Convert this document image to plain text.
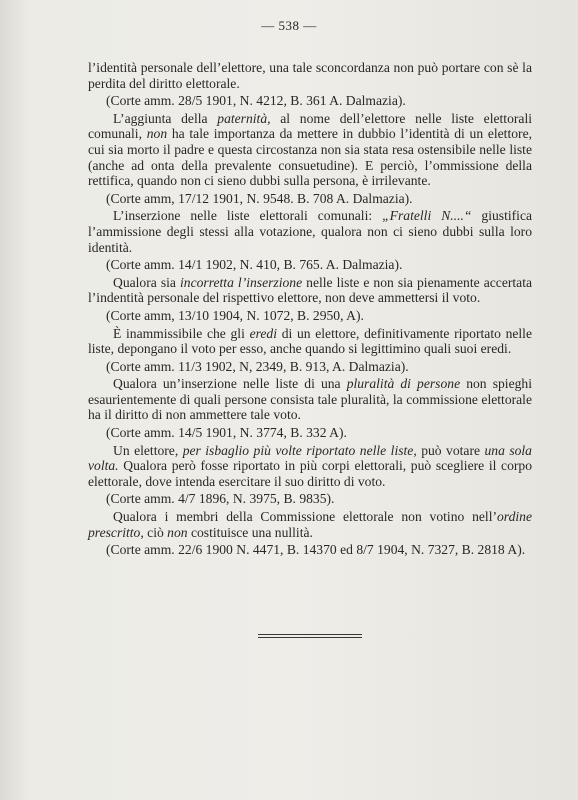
— 538 —

l’identità personale dell’elettore, una tale sconcordanza non può portare con sè la perdita del diritto elettorale.

(Corte amm. 28/5 1901, N. 4212, B. 361 A. Dalmazia).

L’aggiunta della paternità, al nome dell’elettore nelle liste elettorali comunali, non ha tale importanza da mettere in dubbio l’identità di un elettore, cui sia morto il padre e questa circostanza non sia stata resa ostensibile nelle liste (anche ad onta della prevalente consuetudine). E perciò, l’ommissione della rettifica, quando non ci sieno dubbi sulla persona, è irrilevante.

(Corte amm, 17/12 1901, N. 9548. B. 708 A. Dalmazia).

L’inserzione nelle liste elettorali comunali: „Fratelli N....“ giustifica l’ammissione degli stessi alla votazione, qualora non ci sieno dubbi sulla loro identità.

(Corte amm. 14/1 1902, N. 410, B. 765. A. Dalmazia).

Qualora sia incorretta l’inserzione nelle liste e non sia pienamente accertata l’indentità personale del rispettivo elettore, non deve ammettersi il voto.

(Corte amm, 13/10 1904, N. 1072, B. 2950, A).

È inammissibile che gli eredi di un elettore, definitivamente riportato nelle liste, depongano il voto per esso, anche quando si legittimino quali suoi eredi.

(Corte amm. 11/3 1902, N, 2349, B. 913, A. Dalmazia).

Qualora un’inserzione nelle liste di una pluralità di persone non spieghi esaurientemente di quali persone consista tale pluralità, la commissione elettorale ha il diritto di non ammettere tale voto.

(Corte amm. 14/5 1901, N. 3774, B. 332 A).

Un elettore, per isbaglio più volte riportato nelle liste, può votare una sola volta. Qualora però fosse riportato in più corpi elettorali, può scegliere il corpo elettorale, dove intenda esercitare il suo diritto di voto.

(Corte amm. 4/7 1896, N. 3975, B. 9835).

Qualora i membri della Commissione elettorale non votino nell’ordine prescritto, ciò non costituisce una nullità.

(Corte amm. 22/6 1900 N. 4471, B. 14370 ed 8/7 1904, N. 7327, B. 2818 A).
